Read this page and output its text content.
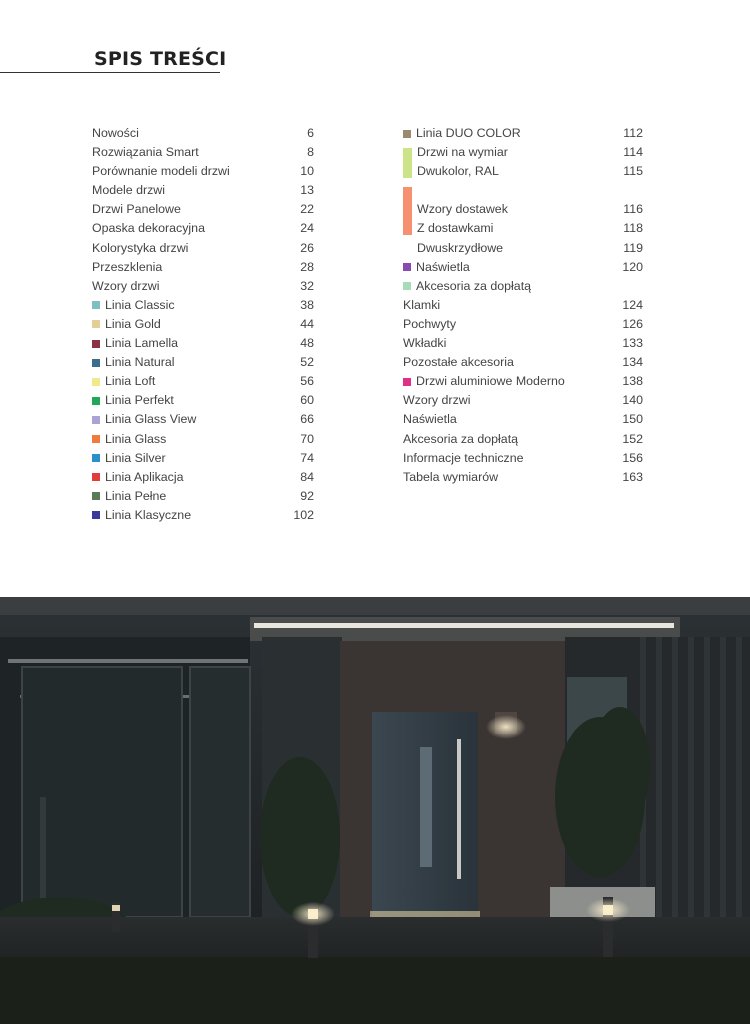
SPIS TREŚCI
Nowości	6
Rozwiązania Smart	8
Porównanie modeli drzwi	10
Modele drzwi	13
Drzwi Panelowe	22
Opaska dekoracyjna	24
Kolorystyka drzwi	26
Przeszklenia	28
Wzory drzwi	32
Linia Classic	38
Linia Gold	44
Linia Lamella	48
Linia Natural	52
Linia Loft	56
Linia Perfekt	60
Linia Glass View	66
Linia Glass	70
Linia Silver	74
Linia Aplikacja	84
Linia Pełne	92
Linia Klasyczne	102
Linia DUO COLOR	112
Drzwi na wymiar	114
Dwukolor, RAL	115
Wzory dostawek	116
Z dostawkami	118
Dwuskrzydłowe	119
Naświetla	120
Akcesoria za dopłatą
Klamki	124
Pochwyty	126
Wkładki	133
Pozostałe akcesoria	134
Drzwi aluminiowe Moderno	138
Wzory drzwi	140
Naświetla	150
Akcesoria za dopłatą	152
Informacje techniczne	156
Tabela wymiarów	163
